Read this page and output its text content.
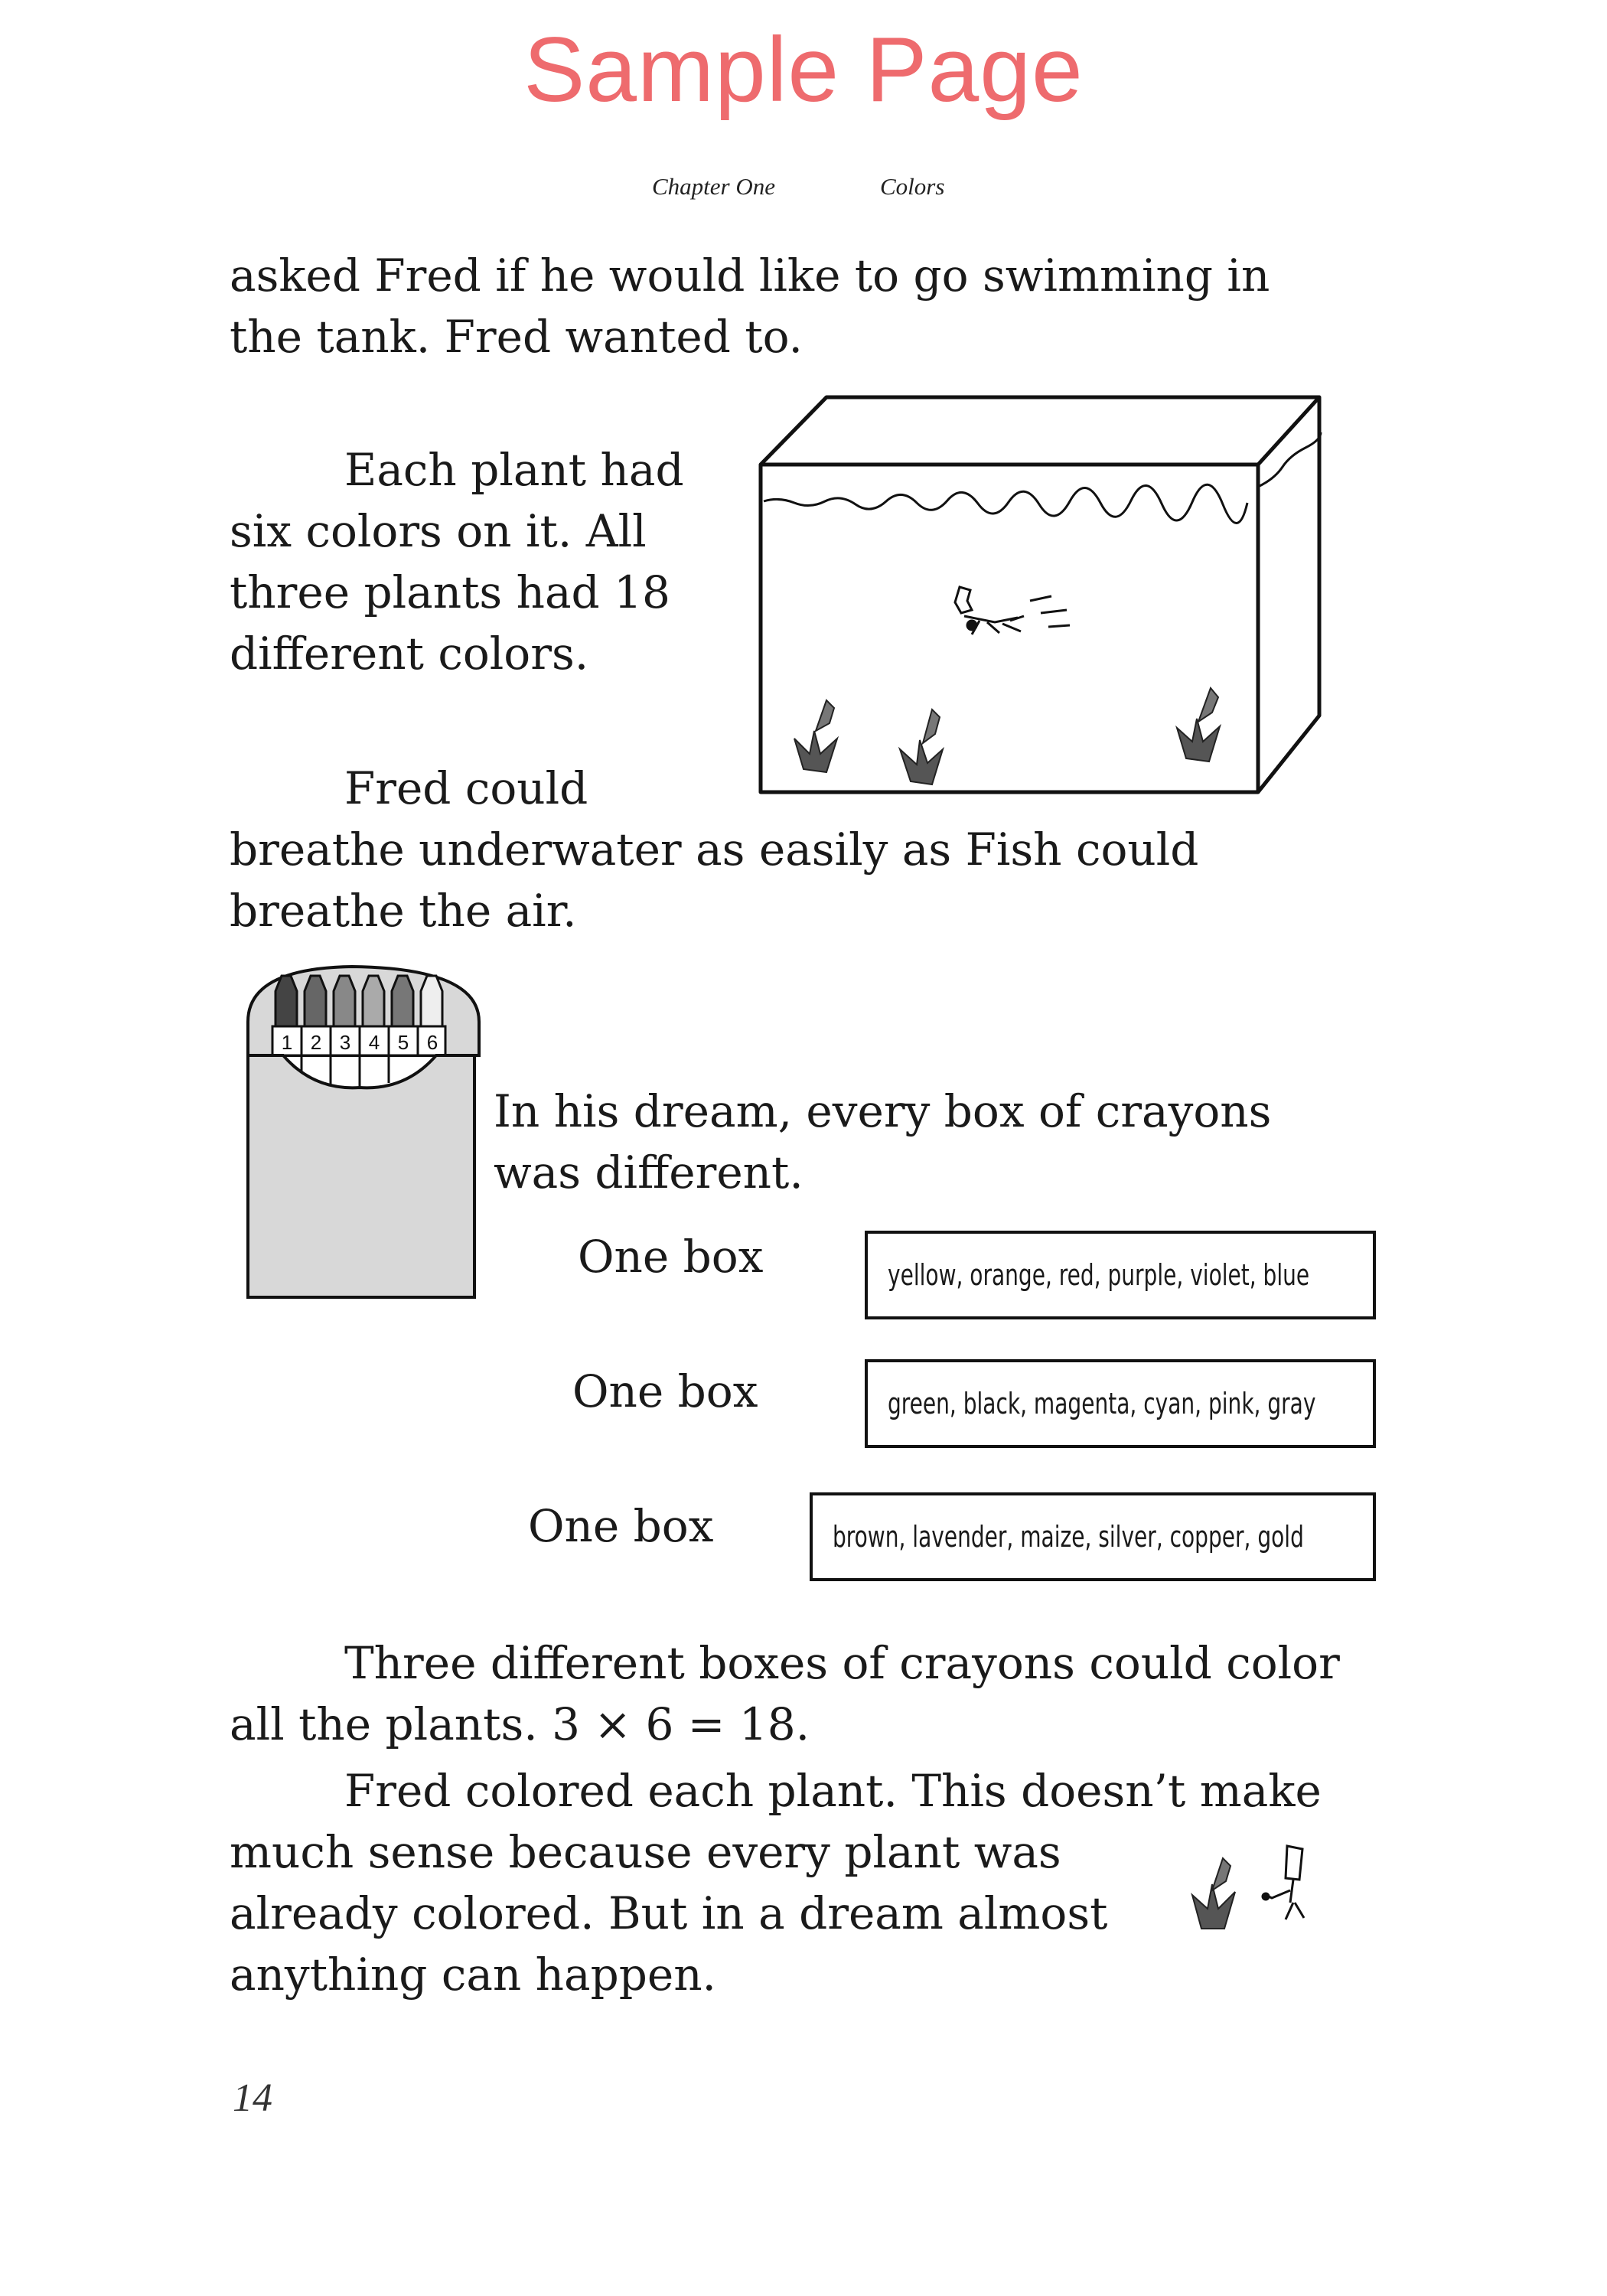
Sample Page
Chapter One	Colors
asked Fred if he would like to go swimming in
the tank. Fred wanted to.
Each plant had
six colors on it. All
three plants had 18
different colors.
Fred could
breathe underwater as easily as Fish could
breathe the air.
1 2 3 4 5 6
In his dream, every box of crayons
was different.
One box	yellow, orange, red, purple, violet, blue
One box	green, black, magenta, cyan, pink, gray
One box	brown, lavender, maize, silver, copper, gold
Three different boxes of crayons could color
all the plants. 3 × 6 = 18.
Fred colored each plant. This doesn’t make
much sense because every plant was
already colored. But in a dream almost
anything can happen.
14
